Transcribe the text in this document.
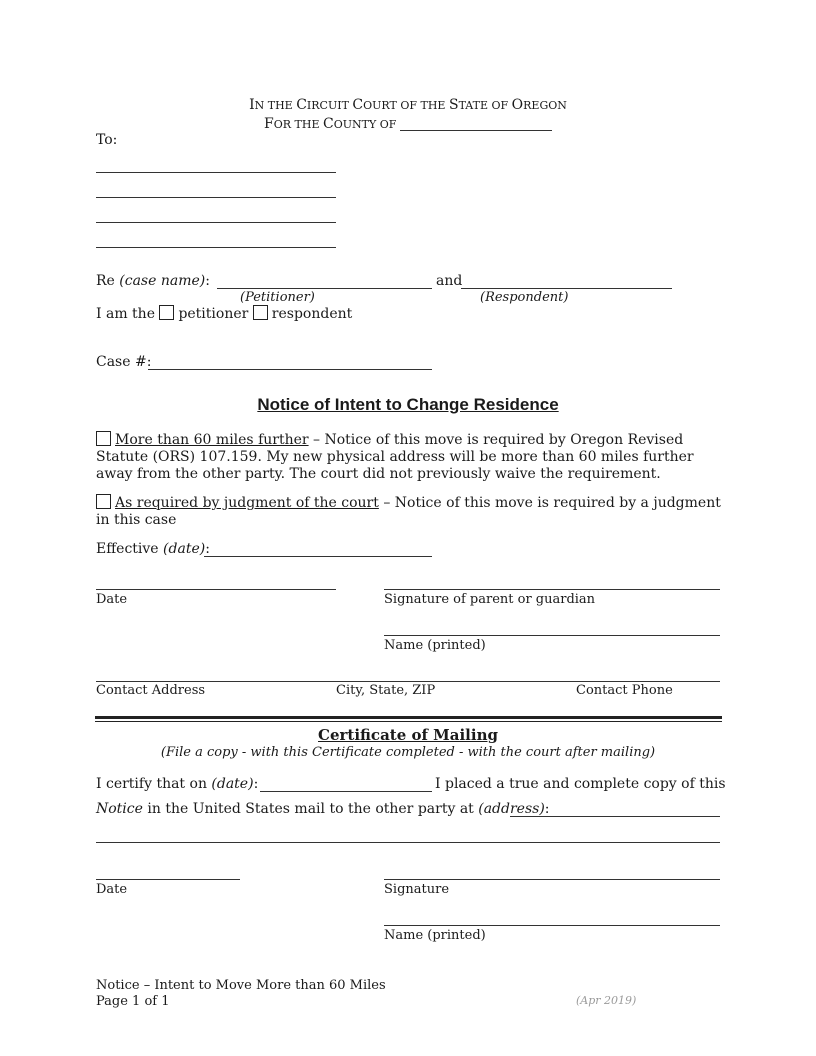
IN THE CIRCUIT COURT OF THE STATE OF OREGON
FOR THE COUNTY OF
To:
Re (case name):	and
(Petitioner)	(Respondent)
I am the petitioner respondent
Case #:
Notice of Intent to Change Residence
More than 60 miles further – Notice of this move is required by Oregon Revised Statute (ORS) 107.159. My new physical address will be more than 60 miles further away from the other party. The court did not previously waive the requirement.
As required by judgment of the court – Notice of this move is required by a judgment in this case
Effective (date):
Date	Signature of parent or guardian
Name (printed)
Contact Address	City, State, ZIP	Contact Phone
Certificate of Mailing
(File a copy - with this Certificate completed - with the court after mailing)
I certify that on (date):	I placed a true and complete copy of this
Notice in the United States mail to the other party at (address):
Date	Signature
Name (printed)
Notice – Intent to Move More than 60 Miles
Page 1 of 1	(Apr 2019)
